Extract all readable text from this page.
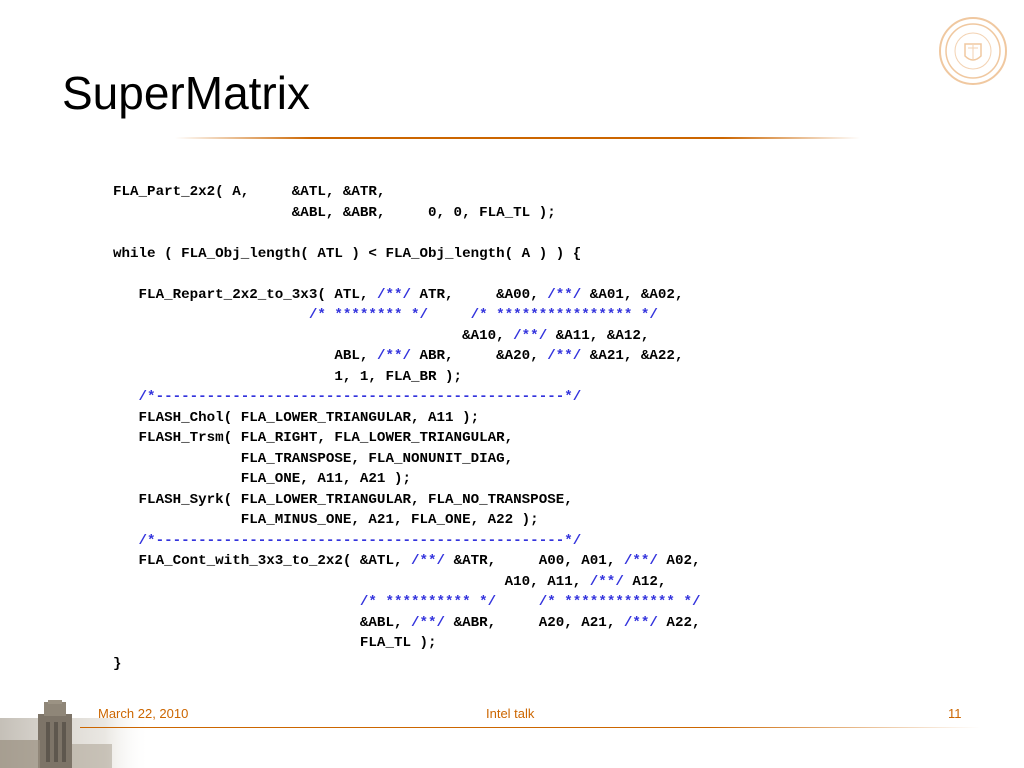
SuperMatrix
FLA_Part_2x2( A,     &ATL, &ATR,
&ABL, &ABR,     0, 0, FLA_TL );
while ( FLA_Obj_length( ATL ) < FLA_Obj_length( A ) ) {
FLA_Repart_2x2_to_3x3( ATL, /**/ ATR,     &A00, /**/ &A01, &A02,
/* ******** */	/* **************** */
&A10, /**/ &A11, &A12,
ABL, /**/ ABR,     &A20, /**/ &A21, &A22,
1, 1, FLA_BR );
/*------------------------------------------------*/
FLASH_Chol( FLA_LOWER_TRIANGULAR, A11 );
FLASH_Trsm( FLA_RIGHT, FLA_LOWER_TRIANGULAR,
FLA_TRANSPOSE, FLA_NONUNIT_DIAG,
FLA_ONE, A11, A21 );
FLASH_Syrk( FLA_LOWER_TRIANGULAR, FLA_NO_TRANSPOSE,
FLA_MINUS_ONE, A21, FLA_ONE, A22 );
/*------------------------------------------------*/
FLA_Cont_with_3x3_to_2x2( &ATL, /**/ &ATR,     A00, A01, /**/ A02,
A10, A11, /**/ A12,
/* ********** */	/* ************* */
&ABL, /**/ &ABR,     A20, A21, /**/ A22,
FLA_TL );
}
March 22, 2010	Intel talk	11
